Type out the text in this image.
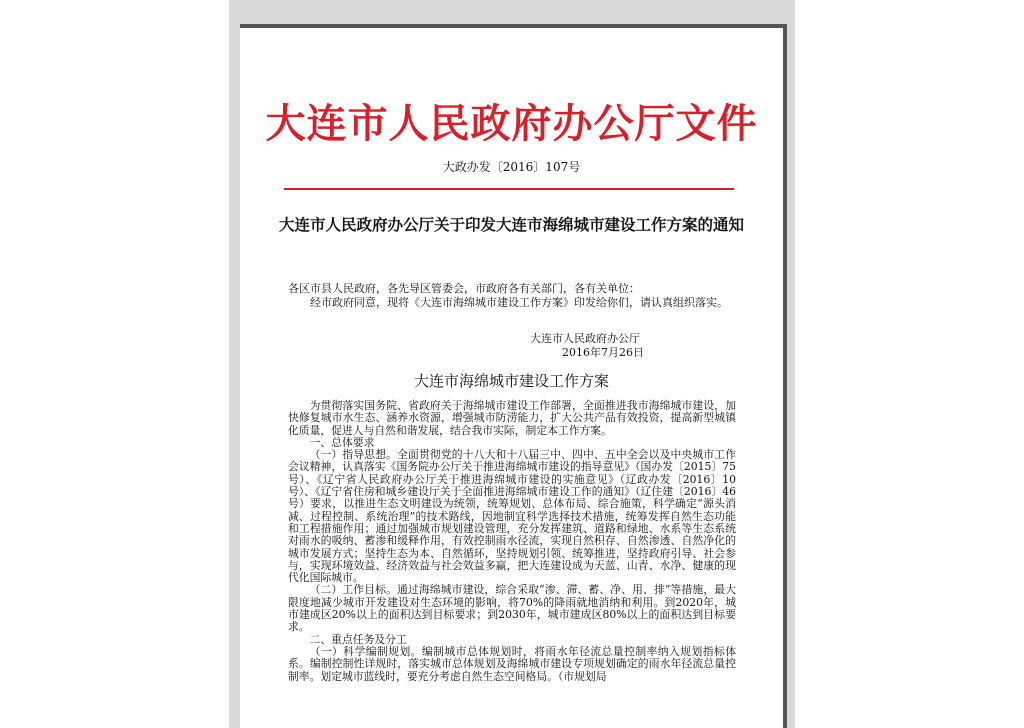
大连市人民政府办公厅文件
大政办发〔2016〕107号
大连市人民政府办公厅关于印发大连市海绵城市建设工作方案的通知
各区市县人民政府，各先导区管委会，市政府各有关部门，各有关单位：
经市政府同意，现将《大连市海绵城市建设工作方案》印发给你们，请认真组织落实。
大连市人民政府办公厅
2016年7月26日
大连市海绵城市建设工作方案

为贯彻落实国务院、省政府关于海绵城市建设工作部署，全面推进我市海绵城市建设，加快修复城市水生态、涵养水资源，增强城市防涝能力，扩大公共产品有效投资，提高新型城镇化质量，促进人与自然和谐发展，结合我市实际，制定本工作方案。

一、总体要求

（一）指导思想。全面贯彻党的十八大和十八届三中、四中、五中全会以及中央城市工作会议精神，认真落实《国务院办公厅关于推进海绵城市建设的指导意见》（国办发〔2015〕75号）、《辽宁省人民政府办公厅关于推进海绵城市建设的实施意见》（辽政办发〔2016〕10号）、《辽宁省住房和城乡建设厅关于全面推进海绵城市建设工作的通知》（辽住建〔2016〕46号）要求，以推进生态文明建设为统领，统筹规划、总体布局、综合施策，科学确定“源头消减、过程控制、系统治理”的技术路线，因地制宜科学选择技术措施，统筹发挥自然生态功能和工程措施作用；通过加强城市规划建设管理，充分发挥建筑、道路和绿地、水系等生态系统对雨水的吸纳、蓄渗和缓释作用，有效控制雨水径流，实现自然积存、自然渗透、自然净化的城市发展方式；坚持生态为本、自然循环，坚持规划引领、统筹推进，坚持政府引导、社会参与，实现环境效益、经济效益与社会效益多赢，把大连建设成为天蓝、山青、水净、健康的现代化国际城市。

（二）工作目标。通过海绵城市建设，综合采取“渗、滞、蓄、净、用、排”等措施，最大限度地减少城市开发建设对生态环境的影响，将70%的降雨就地消纳和利用。到2020年，城市建成区20%以上的面积达到目标要求；到2030年，城市建成区80%以上的面积达到目标要求。

二、重点任务及分工

（一）科学编制规划。编制城市总体规划时，将雨水年径流总量控制率纳入规划指标体系。编制控制性详规时，落实城市总体规划及海绵城市建设专项规划确定的雨水年径流总量控制率。划定城市蓝线时，要充分考虑自然生态空间格局。（市规划局
